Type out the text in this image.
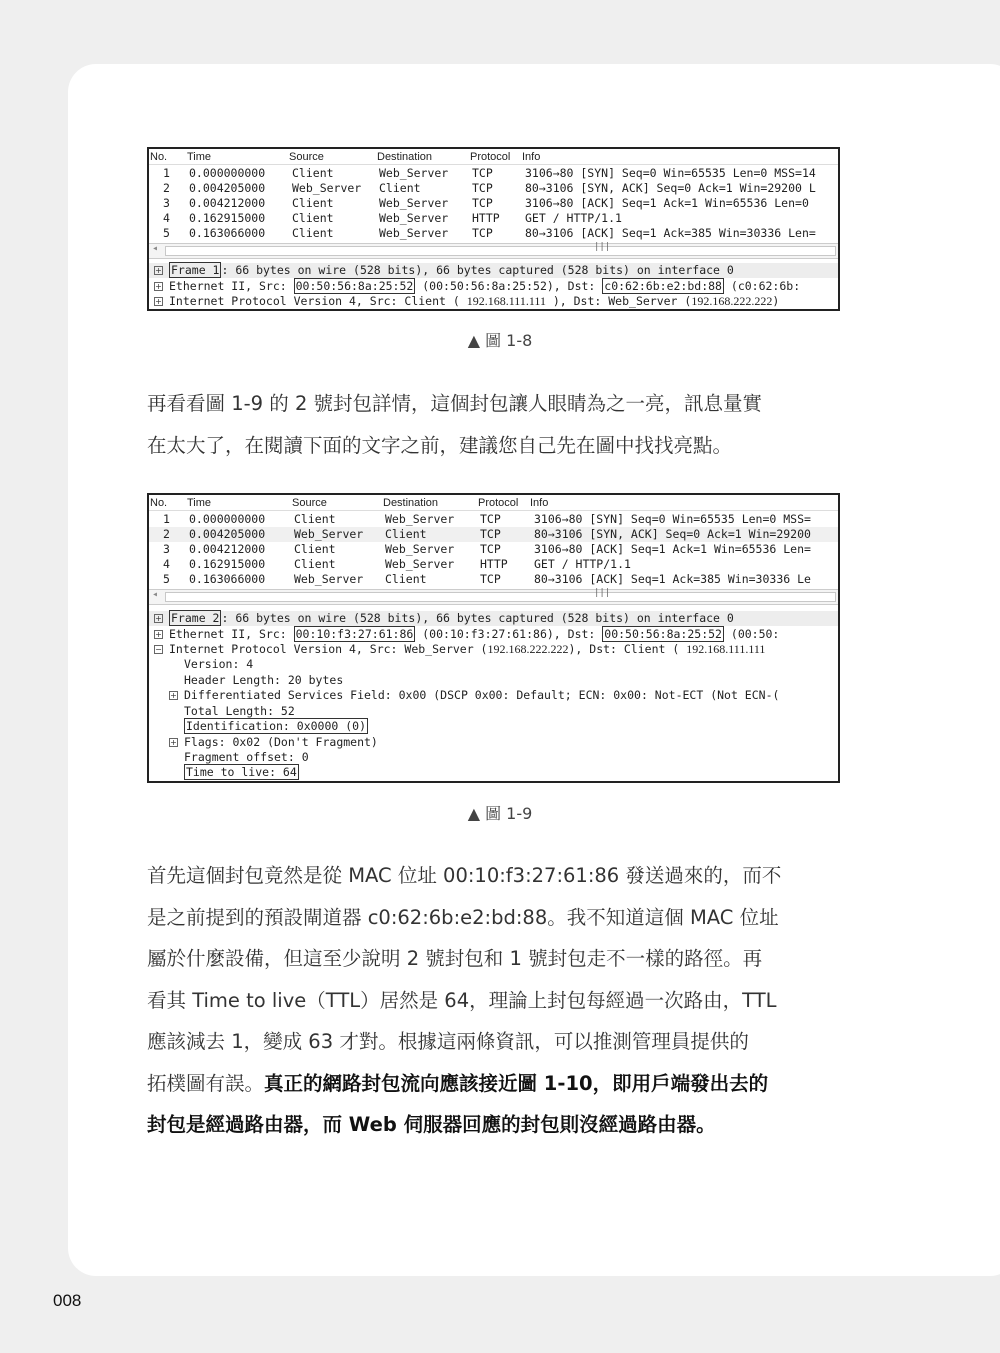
No. Time	Source	Destination	Protocol Info
1 0.000000000 Client	Web_Server TCP	3106→80 [SYN] Seq=0 Win=65535 Len=0 MSS=14
2 0.004205000 Web_Server Client	TCP	80→3106 [SYN, ACK] Seq=0 Ack=1 Win=29200 L
3 0.004212000 Client	Web_Server TCP	3106→80 [ACK] Seq=1 Ack=1 Win=65536 Len=0
4 0.162915000 Client	Web_Server HTTP GET / HTTP/1.1
5 0.163066000 Client	Web_Server TCP	80→3106 [ACK] Seq=1 Ack=385 Win=30336 Len=
◂	|||
+ Frame 1 : 66 bytes on wire (528 bits), 66 bytes captured (528 bits) on interface 0
+ Ethernet II, Src: 00:50:56:8a:25:52 (00:50:56:8a:25:52), Dst: c0:62:6b:e2:bd:88 (c0:62:6b:
+ Internet Protocol Version 4, Src: Client ( 192.168.111.111 ), Dst: Web_Server (192.168.222.222)
▲ 圖 1-8
再看看圖 1-9 的 2 號封包詳情，這個封包讓人眼睛為之一亮，訊息量實
在太大了，在閱讀下面的文字之前，建議您自己先在圖中找找亮點。
No. Time	Source	Destination	Protocol Info
1 0.000000000	Client	Web_Server TCP	3106→80 [SYN] Seq=0 Win=65535 Len=0 MSS=
2 0.004205000	Web_Server Client	TCP	80→3106 [SYN, ACK] Seq=0 Ack=1 Win=29200
3 0.004212000	Client	Web_Server TCP	3106→80 [ACK] Seq=1 Ack=1 Win=65536 Len=
4 0.162915000	Client	Web_Server HTTP GET / HTTP/1.1
5 0.163066000	Web_Server Client	TCP	80→3106 [ACK] Seq=1 Ack=385 Win=30336 Le
◂	|||
+ Frame 2 : 66 bytes on wire (528 bits), 66 bytes captured (528 bits) on interface 0
+ Ethernet II, Src: 00:10:f3:27:61:86 (00:10:f3:27:61:86), Dst: 00:50:56:8a:25:52 (00:50:
− Internet Protocol Version 4, Src: Web_Server (192.168.222.222), Dst: Client ( 192.168.111.111
Version: 4
Header Length: 20 bytes
+ Differentiated Services Field: 0x00 (DSCP 0x00: Default; ECN: 0x00: Not-ECT (Not ECN-(
Total Length: 52
Identification: 0x0000 (0)
+ Flags: 0x02 (Don't Fragment)
Fragment offset: 0
Time to live: 64
▲ 圖 1-9
首先這個封包竟然是從 MAC 位址 00:10:f3:27:61:86 發送過來的，而不
是之前提到的預設閘道器 c0:62:6b:e2:bd:88。我不知道這個 MAC 位址
屬於什麼設備，但這至少說明 2 號封包和 1 號封包走不一樣的路徑。再
看其 Time to live（TTL）居然是 64，理論上封包每經過一次路由，TTL
應該減去 1，變成 63 才對。根據這兩條資訊，可以推測管理員提供的
拓樸圖有誤。真正的網路封包流向應該接近圖 1-10，即用戶端發出去的
封包是經過路由器，而 Web 伺服器回應的封包則沒經過路由器。
008
